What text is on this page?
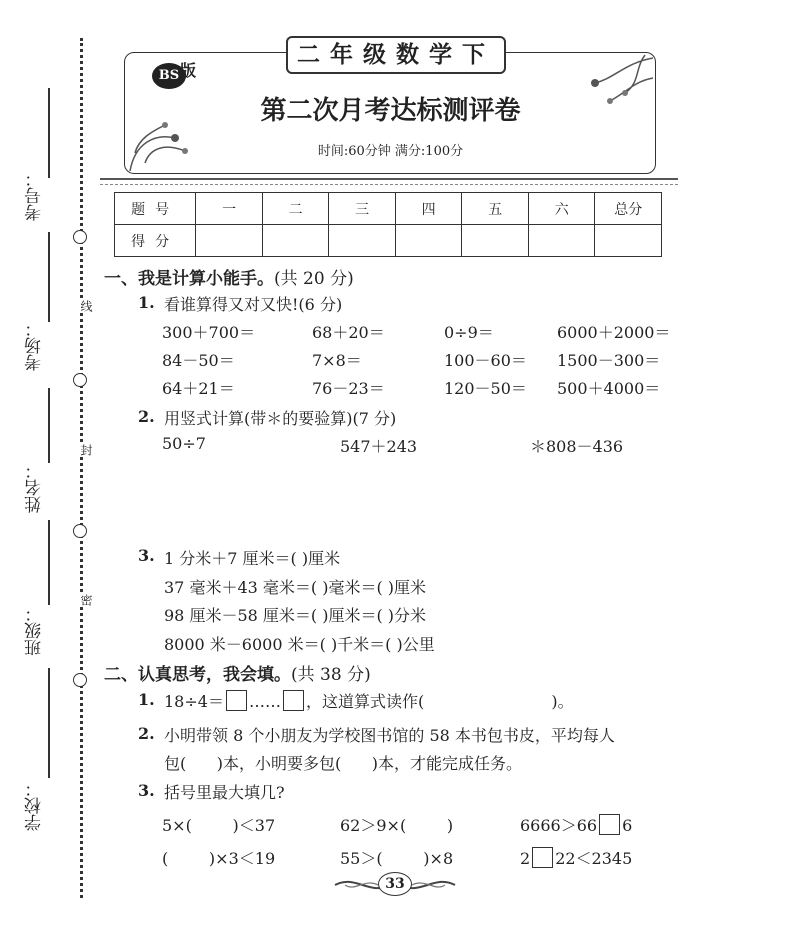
考号：
考场：
姓名：
班级：
学校：
线
封
密
二年级数学下
BS 版
第二次月考达标测评卷
时间:60分钟 满分:100分
题号	一	二	三	四	五	六	总分
得分							
一、我是计算小能手。(共 20 分)
1. 看谁算得又对又快!(6 分)
300＋700＝	68＋20＝	0÷9＝	6000＋2000＝
84－50＝	7×8＝	100－60＝ 1500－300＝
64＋21＝	76－23＝	120－50＝ 500＋4000＝
2. 用竖式计算(带＊的要验算)(7 分)
50÷7	547＋243	＊808－436
3. 1 分米＋7 厘米＝( )厘米
37 毫米＋43 毫米＝( )毫米＝( )厘米
98 厘米－58 厘米＝( )厘米＝( )分米
8000 米－6000 米＝( )千米＝( )公里
二、认真思考，我会填。(共 38 分)
1. 18÷4＝ …… ，这道算式读作(                         )。
2. 小明带领 8 个小朋友为学校图书馆的 58 本书包书皮，平均每人
包(      )本，小明要多包(      )本，才能完成任务。
3. 括号里最大填几?
5×(        )＜37	62＞9×(        )	6666＞66 6
(        )×3＜19	55＞(        )×8	2 22＜2345
33
